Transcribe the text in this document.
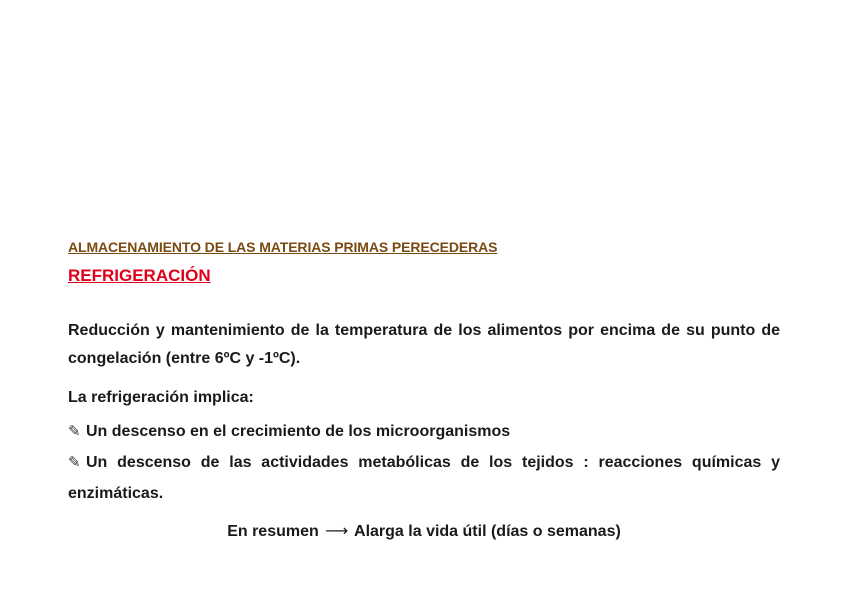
ALMACENAMIENTO DE LAS MATERIAS PRIMAS PERECEDERAS

REFRIGERACIÓN

Reducción y mantenimiento de la temperatura de los alimentos por encima de su punto de congelación (entre 6ºC y -1ºC).

La refrigeración implica:

✎ Un descenso en el crecimiento de los microorganismos
✎ Un descenso de las actividades metabólicas de los tejidos : reacciones químicas y enzimáticas.

En resumen ⟶ Alarga la vida útil (días o semanas)
